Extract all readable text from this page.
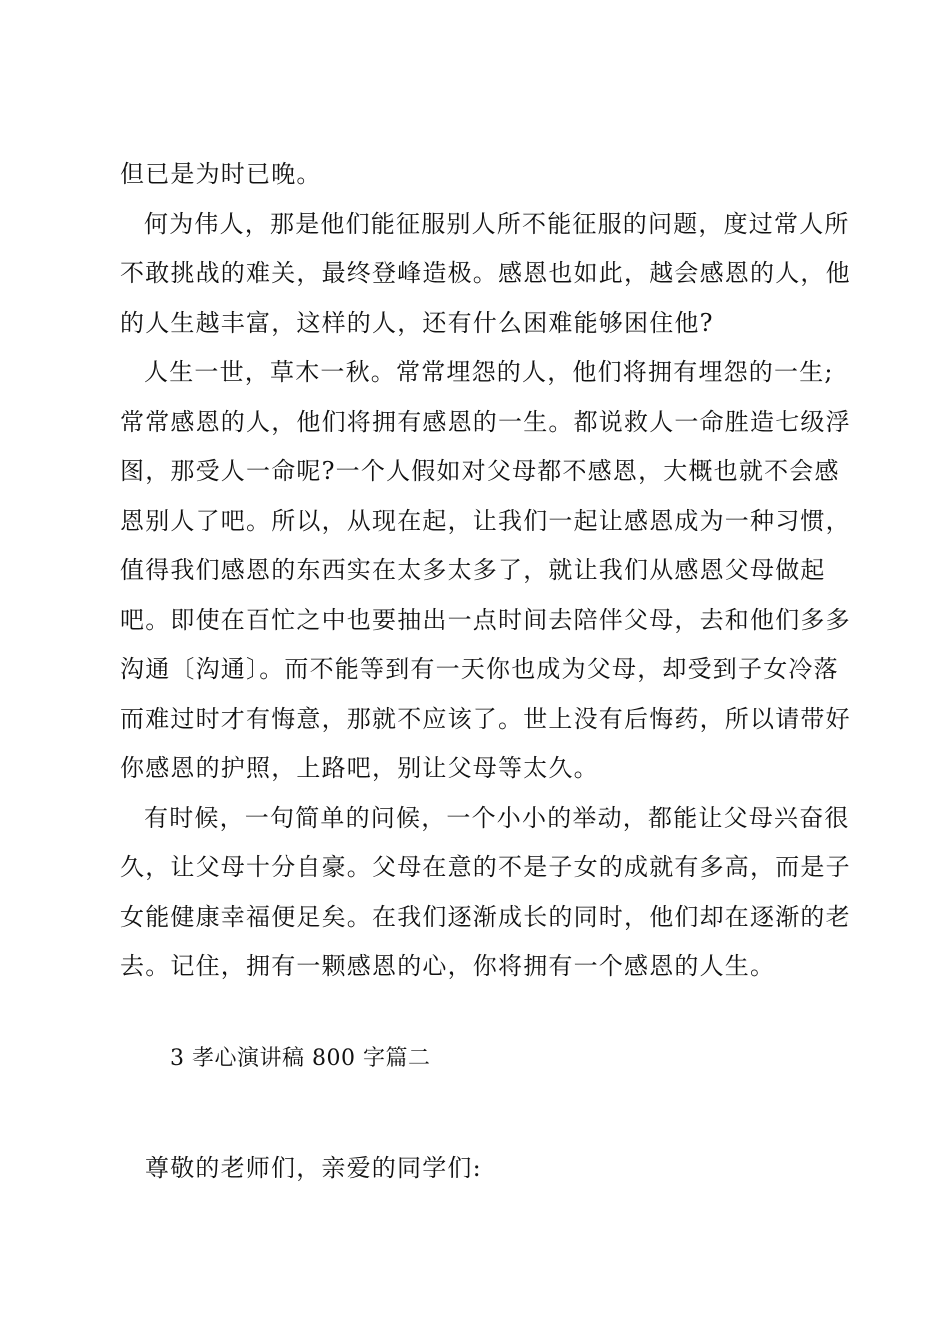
但已是为时已晚。

何为伟人，那是他们能征服别人所不能征服的问题，度过常人所不敢挑战的难关，最终登峰造极。感恩也如此，越会感恩的人，他的人生越丰富，这样的人，还有什么困难能够困住他?

人生一世，草木一秋。常常埋怨的人，他们将拥有埋怨的一生;常常感恩的人，他们将拥有感恩的一生。都说救人一命胜造七级浮图，那受人一命呢?一个人假如对父母都不感恩，大概也就不会感恩别人了吧。所以，从现在起，让我们一起让感恩成为一种习惯，值得我们感恩的东西实在太多太多了，就让我们从感恩父母做起吧。即使在百忙之中也要抽出一点时间去陪伴父母，去和他们多多沟通〔沟通〕。而不能等到有一天你也成为父母，却受到子女冷落而难过时才有悔意，那就不应该了。世上没有后悔药，所以请带好你感恩的护照，上路吧，别让父母等太久。

有时候，一句简单的问候，一个小小的举动，都能让父母兴奋很久，让父母十分自豪。父母在意的不是子女的成就有多高，而是子女能健康幸福便足矣。在我们逐渐成长的同时，他们却在逐渐的老去。记住，拥有一颗感恩的心，你将拥有一个感恩的人生。

3 孝心演讲稿 800 字篇二
尊敬的老师们，亲爱的同学们:
